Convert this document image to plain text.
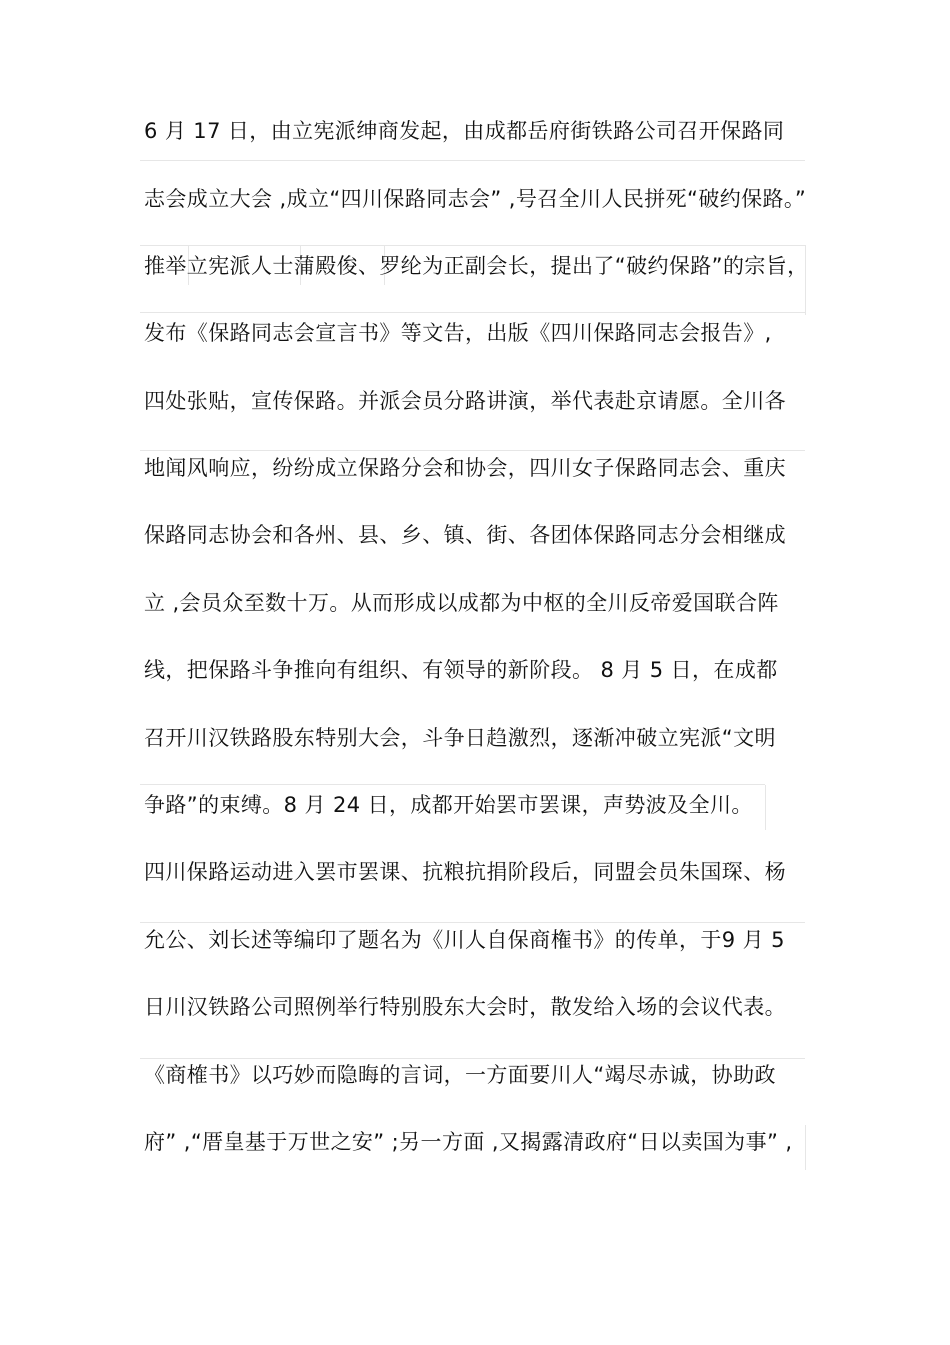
6 月 17 日，由立宪派绅商发起，由成都岳府街铁路公司召开保路同
志会成立大会 ,成立“四川保路同志会” ,号召全川人民拼死“破约保路。”
推举立宪派人士蒲殿俊、罗纶为正副会长，提出了“破约保路”的宗旨，
发布《保路同志会宣言书》等文告，出版《四川保路同志会报告》,
四处张贴，宣传保路。并派会员分路讲演，举代表赴京请愿。全川各
地闻风响应，纷纷成立保路分会和协会，四川女子保路同志会、重庆
保路同志协会和各州、县、乡、镇、街、各团体保路同志分会相继成
立 ,会员众至数十万。从而形成以成都为中枢的全川反帝爱国联合阵
线，把保路斗争推向有组织、有领导的新阶段。 8 月 5 日，在成都
召开川汉铁路股东特别大会，斗争日趋激烈，逐渐冲破立宪派“文明
争路”的束缚。8 月 24 日，成都开始罢市罢课，声势波及全川。
四川保路运动进入罢市罢课、抗粮抗捐阶段后，同盟会员朱国琛、杨
允公、刘长述等编印了题名为《川人自保商権书》的传单，于9 月 5
日川汉铁路公司照例举行特别股东大会时，散发给入场的会议代表。
《商榷书》以巧妙而隐晦的言词，一方面要川人“竭尽赤诚，协助政
府” ,“厝皇基于万世之安” ;另一方面 ,又揭露清政府“日以卖国为事” ,
